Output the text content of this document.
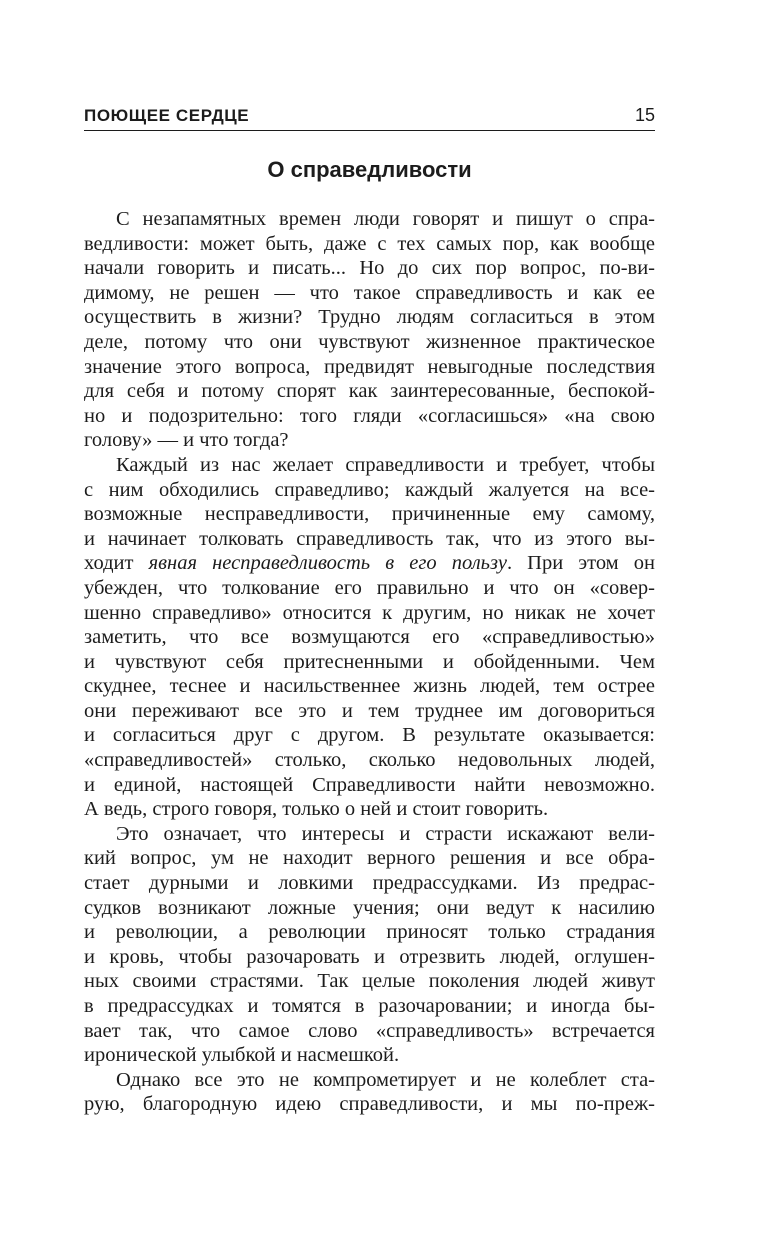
ПОЮЩЕЕ СЕРДЦЕ	15
О справедливости
С незапамятных времен люди говорят и пишут о спра-
ведливости: может быть, даже с тех самых пор, как вообще
начали говорить и писать... Но до сих пор вопрос, по-ви-
димому, не решен — что такое справедливость и как ее
осуществить в жизни? Трудно людям согласиться в этом
деле, потому что они чувствуют жизненное практическое
значение этого вопроса, предвидят невыгодные последствия
для себя и потому спорят как заинтересованные, беспокой-
но и подозрительно: того гляди «согласишься» «на свою
голову» — и что тогда?
Каждый из нас желает справедливости и требует, чтобы
с ним обходились справедливо; каждый жалуется на все-
возможные несправедливости, причиненные ему самому,
и начинает толковать справедливость так, что из этого вы-
ходит явная несправедливость в его пользу. При этом он
убежден, что толкование его правильно и что он «совер-
шенно справедливо» относится к другим, но никак не хочет
заметить, что все возмущаются его «справедливостью»
и чувствуют себя притесненными и обойденными. Чем
скуднее, теснее и насильственнее жизнь людей, тем острее
они переживают все это и тем труднее им договориться
и согласиться друг с другом. В результате оказывается:
«справедливостей» столько, сколько недовольных людей,
и единой, настоящей Справедливости найти невозможно.
А ведь, строго говоря, только о ней и стоит говорить.
Это означает, что интересы и страсти искажают вели-
кий вопрос, ум не находит верного решения и все обра-
стает дурными и ловкими предрассудками. Из предрас-
судков возникают ложные учения; они ведут к насилию
и революции, а революции приносят только страдания
и кровь, чтобы разочаровать и отрезвить людей, оглушен-
ных своими страстями. Так целые поколения людей живут
в предрассудках и томятся в разочаровании; и иногда бы-
вает так, что самое слово «справедливость» встречается
иронической улыбкой и насмешкой.
Однако все это не компрометирует и не колеблет ста-
рую, благородную идею справедливости, и мы по-преж-
